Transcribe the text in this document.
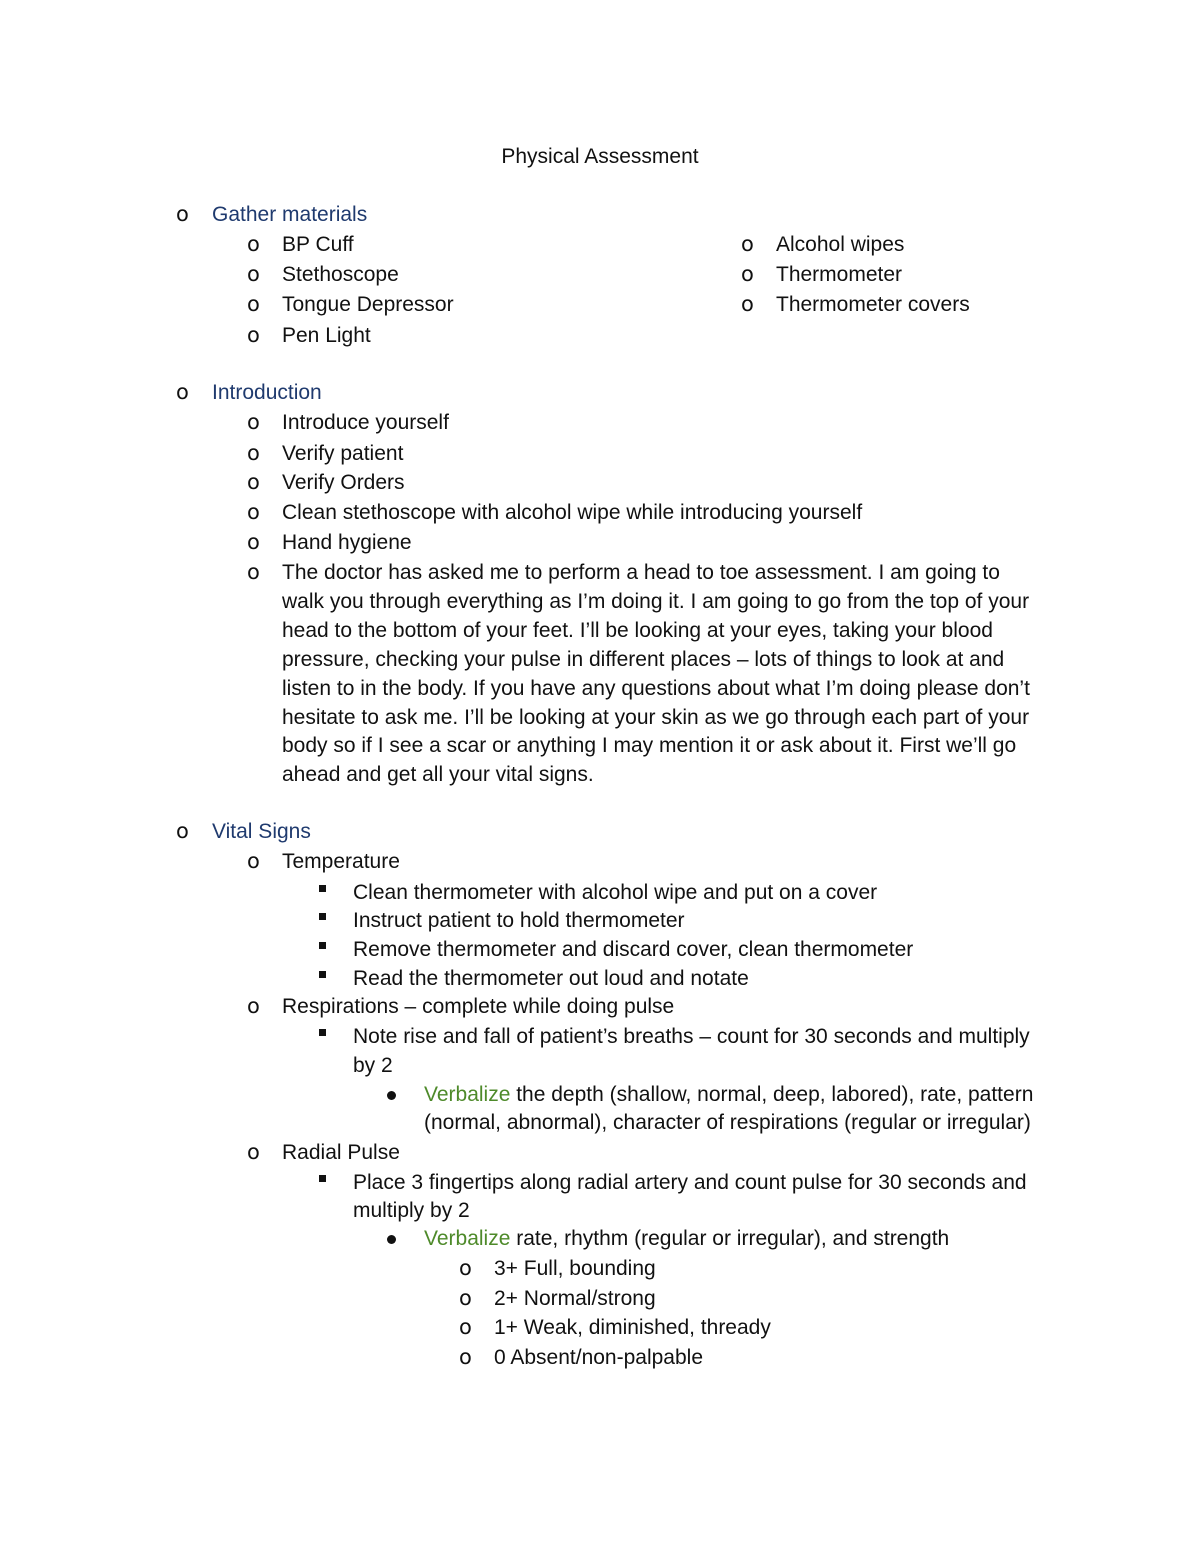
Physical Assessment
o Gather materials
o BP Cuff
o Stethoscope
o Tongue Depressor
o Pen Light
o Alcohol wipes
o Thermometer
o Thermometer covers
o Introduction
o Introduce yourself
o Verify patient
o Verify Orders
o Clean stethoscope with alcohol wipe while introducing yourself
o Hand hygiene
o The doctor has asked me to perform a head to toe assessment. I am going to
walk you through everything as I’m doing it. I am going to go from the top of your
head to the bottom of your feet. I’ll be looking at your eyes, taking your blood
pressure, checking your pulse in different places – lots of things to look at and
listen to in the body. If you have any questions about what I’m doing please don’t
hesitate to ask me. I’ll be looking at your skin as we go through each part of your
body so if I see a scar or anything I may mention it or ask about it. First we’ll go
ahead and get all your vital signs.
o Vital Signs
o Temperature
Clean thermometer with alcohol wipe and put on a cover
Instruct patient to hold thermometer
Remove thermometer and discard cover, clean thermometer
Read the thermometer out loud and notate
o Respirations – complete while doing pulse
Note rise and fall of patient’s breaths – count for 30 seconds and multiply
by 2
Verbalize the depth (shallow, normal, deep, labored), rate, pattern
(normal, abnormal), character of respirations (regular or irregular)
o Radial Pulse
Place 3 fingertips along radial artery and count pulse for 30 seconds and
multiply by 2
Verbalize rate, rhythm (regular or irregular), and strength
o 3+ Full, bounding
o 2+ Normal/strong
o 1+ Weak, diminished, thready
o 0 Absent/non-palpable
